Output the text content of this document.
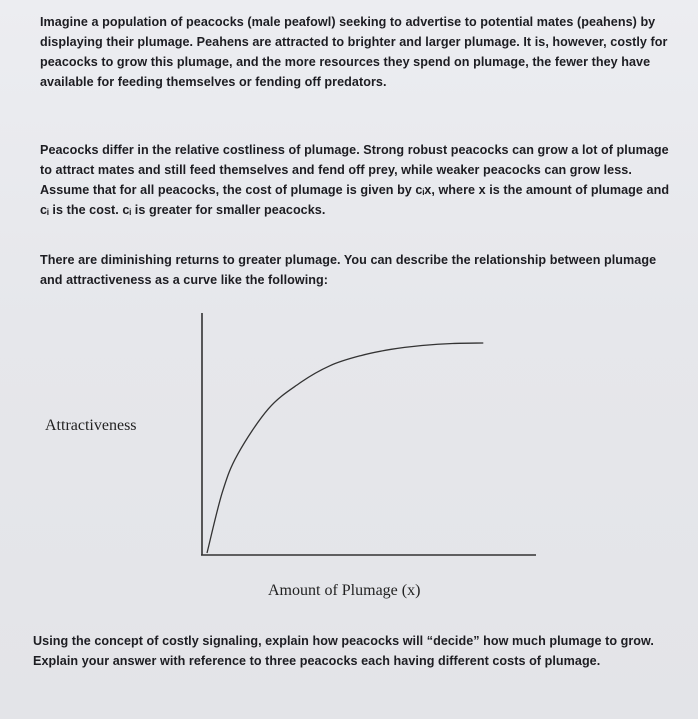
Imagine a population of peacocks (male peafowl) seeking to advertise to potential mates (peahens) by displaying their plumage. Peahens are attracted to brighter and larger plumage. It is, however, costly for peacocks to grow this plumage, and the more resources they spend on plumage, the fewer they have available for feeding themselves or fending off predators.

Peacocks differ in the relative costliness of plumage. Strong robust peacocks can grow a lot of plumage to attract mates and still feed themselves and fend off prey, while weaker peacocks can grow less. Assume that for all peacocks, the cost of plumage is given by cᵢx, where x is the amount of plumage and cᵢ is the cost. cᵢ is greater for smaller peacocks.

There are diminishing returns to greater plumage. You can describe the relationship between plumage and attractiveness as a curve like the following:

Attractiveness

Amount of Plumage (x)

Using the concept of costly signaling, explain how peacocks will “decide” how much plumage to grow. Explain your answer with reference to three peacocks each having different costs of plumage.
